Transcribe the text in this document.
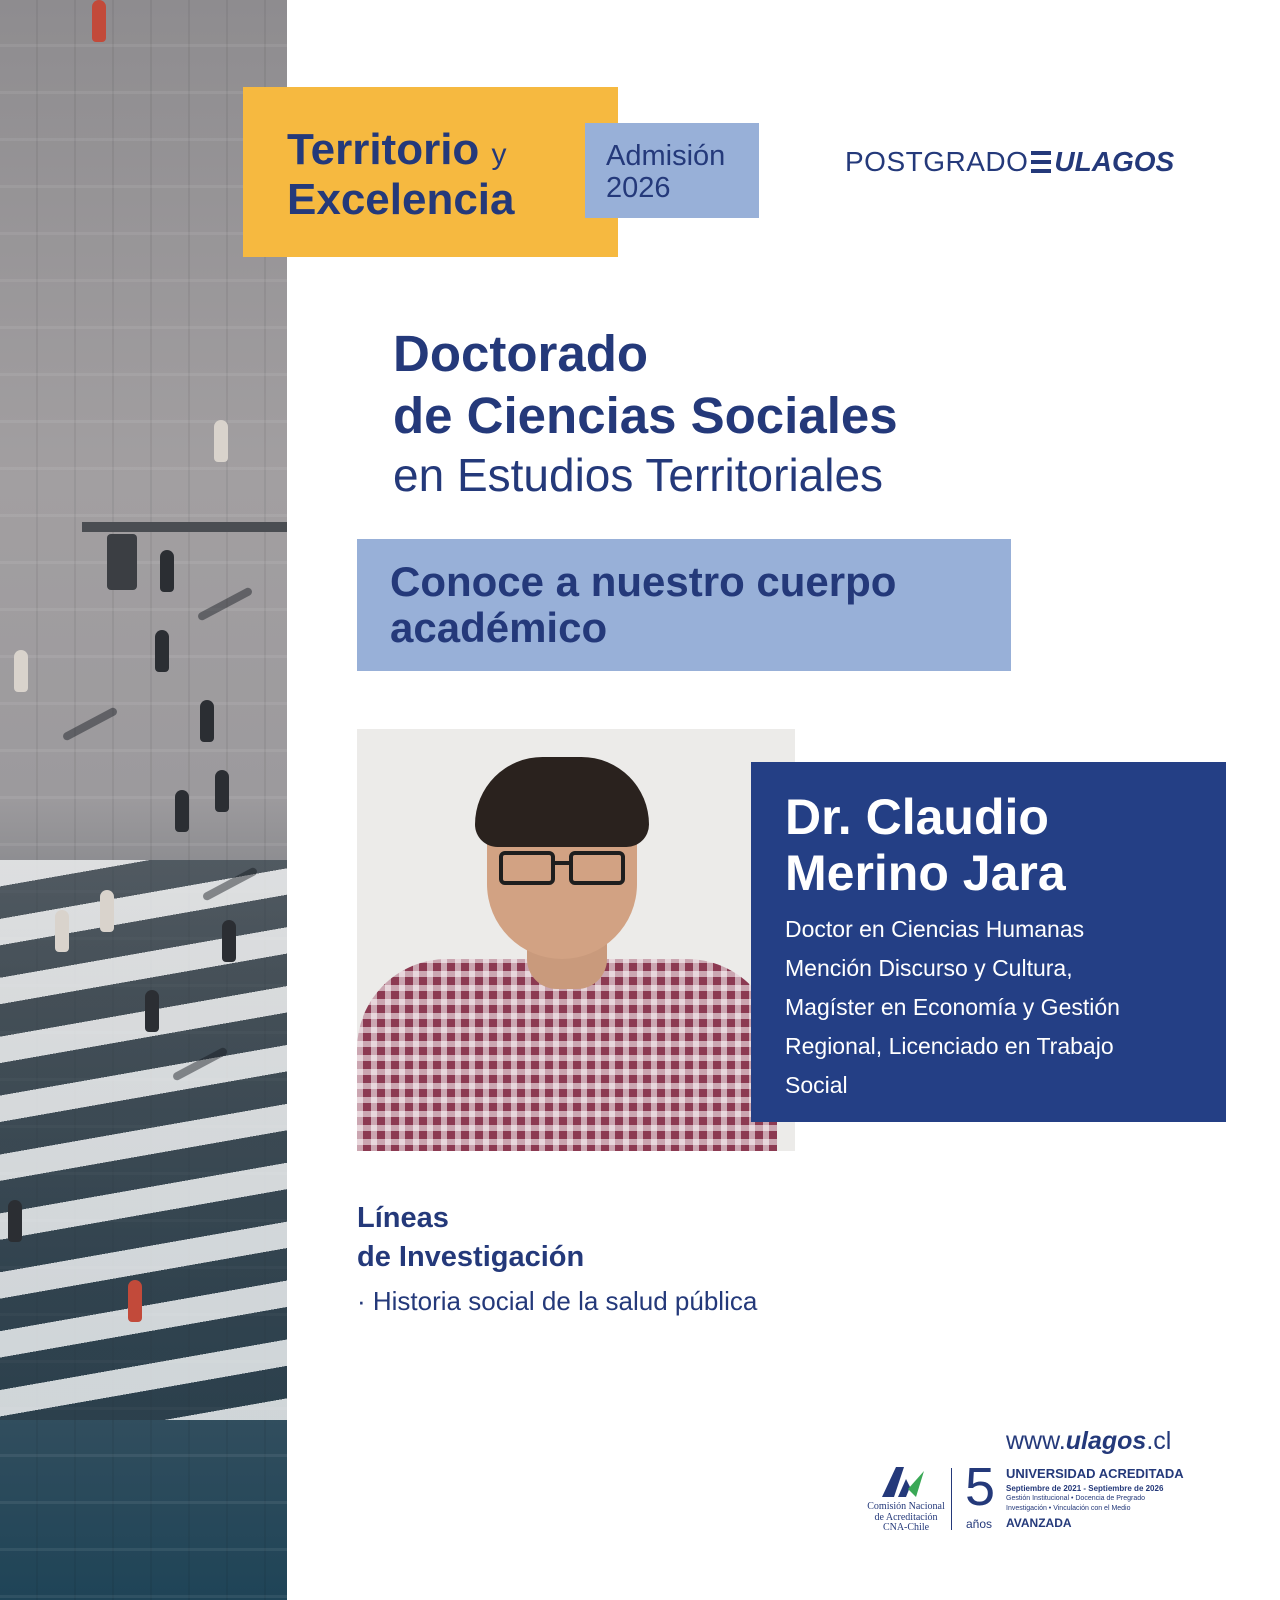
Territorio y
Excelencia
Admisión
2026
POSTGRADO ULAGOS
Doctorado
de Ciencias Sociales
en Estudios Territoriales
Conoce a nuestro cuerpo
académico
Dr. Claudio
Merino Jara
Doctor en Ciencias Humanas
Mención Discurso y Cultura,
Magíster en Economía y Gestión
Regional, Licenciado en Trabajo
Social
Líneas
de Investigación
· Historia social de la salud pública
www.ulagos.cl
Comisión Nacional
de Acreditación
CNA-Chile
5
años
UNIVERSIDAD ACREDITADA
Septiembre de 2021 - Septiembre de 2026
Gestión Institucional • Docencia de Pregrado
Investigación • Vinculación con el Medio
AVANZADA
